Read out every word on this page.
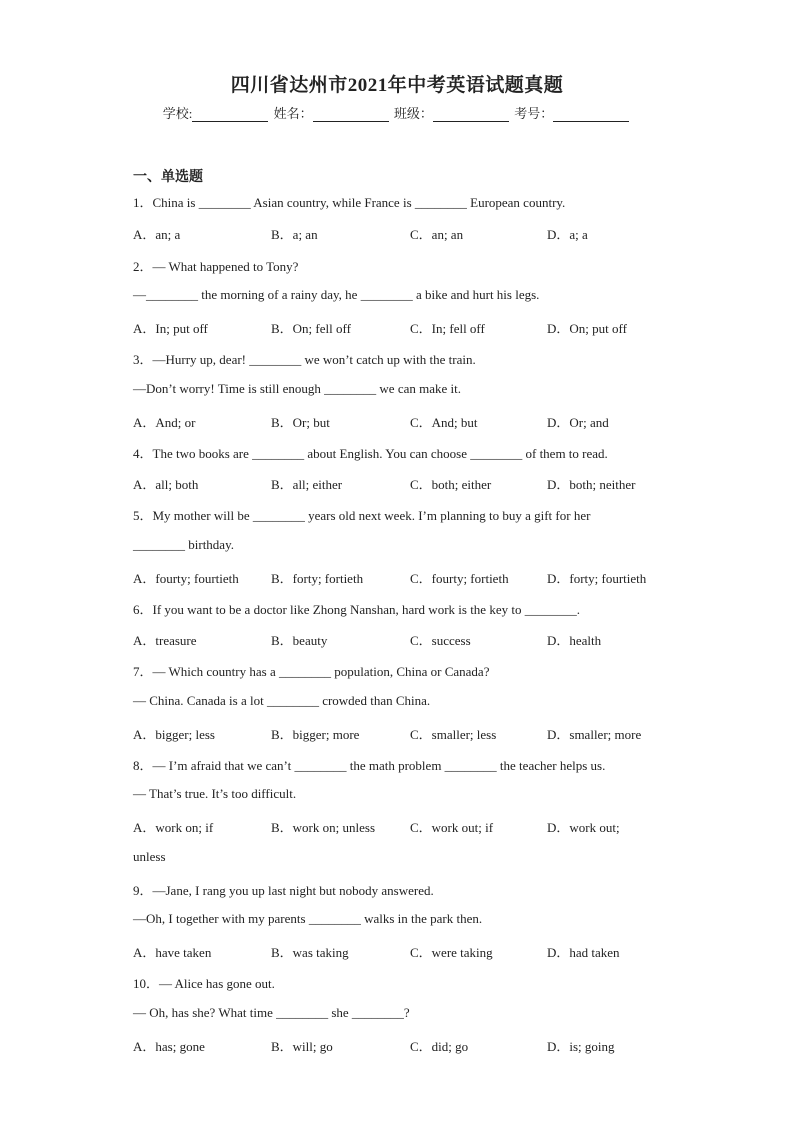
四川省达州市2021年中考英语试题真题
学校:	姓名：	班级：	考号：
一、单选题
1．China is ________ Asian country, while France is ________ European country.
A．an; a	B．a; an	C．an; an	D．a; a
2．— What happened to Tony?
—________ the morning of a rainy day, he ________ a bike and hurt his legs.
A．In; put off	B．On; fell off	C．In; fell off	D．On; put off
3．—Hurry up, dear! ________ we won’t catch up with the train.
—Don’t worry! Time is still enough ________ we can make it.
A．And; or	B．Or; but	C．And; but	D．Or; and
4．The two books are ________ about English. You can choose ________ of them to read.
A．all; both	B．all; either	C．both; either	D．both; neither
5．My mother will be ________ years old next week. I’m planning to buy a gift for her
________ birthday.
A．fourty; fourtieth B．forty; fortieth	C．fourty; fortieth	D．forty; fourtieth
6．If you want to be a doctor like Zhong Nanshan, hard work is the key to ________.
A．treasure	B．beauty	C．success	D．health
7．— Which country has a ________ population, China or Canada?
— China. Canada is a lot ________ crowded than China.
A．bigger; less	B．bigger; more	C．smaller; less	D．smaller; more
8．— I’m afraid that we can’t ________ the math problem ________ the teacher helps us.
— That’s true. It’s too difficult.
A．work on; if	B．work on; unless	C．work out; if	D．work out;
unless
9．—Jane, I rang you up last night but nobody answered.
—Oh, I together with my parents ________ walks in the park then.
A．have taken	B．was taking	C．were taking	D．had taken
10．— Alice has gone out.
— Oh, has she? What time ________ she ________?
A．has; gone	B．will; go	C．did; go	D．is; going
